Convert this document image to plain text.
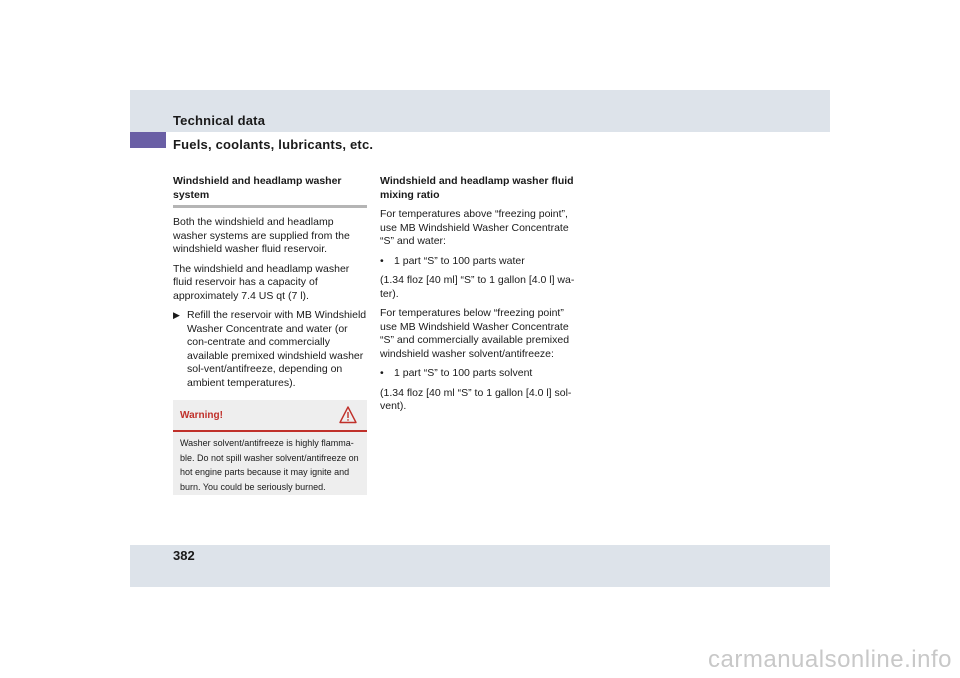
Technical data
Fuels, coolants, lubricants, etc.
Windshield and headlamp washer system

Both the windshield and headlamp washer systems are supplied from the windshield washer fluid reservoir.

The windshield and headlamp washer fluid reservoir has a capacity of approximately 7.4 US qt (7 l).

▶ Refill the reservoir with MB Windshield Washer Concentrate and water (or con-centrate and commercially available premixed windshield washer sol-vent/antifreeze, depending on ambient temperatures).
Warning!
Washer solvent/antifreeze is highly flamma-ble. Do not spill washer solvent/antifreeze on hot engine parts because it may ignite and burn. You could be seriously burned.
Windshield and headlamp washer fluid mixing ratio

For temperatures above “freezing point”, use MB Windshield Washer Concentrate “S” and water:

• 1 part “S” to 100 parts water

(1.34 floz [40 ml] “S” to 1 gallon [4.0 l] wa-ter).

For temperatures below “freezing point” use MB Windshield Washer Concentrate “S” and commercially available premixed windshield washer solvent/antifreeze:

• 1 part “S” to 100 parts solvent

(1.34 floz [40 ml “S” to 1 gallon [4.0 l] sol-vent).

382
carmanualsonline.info
